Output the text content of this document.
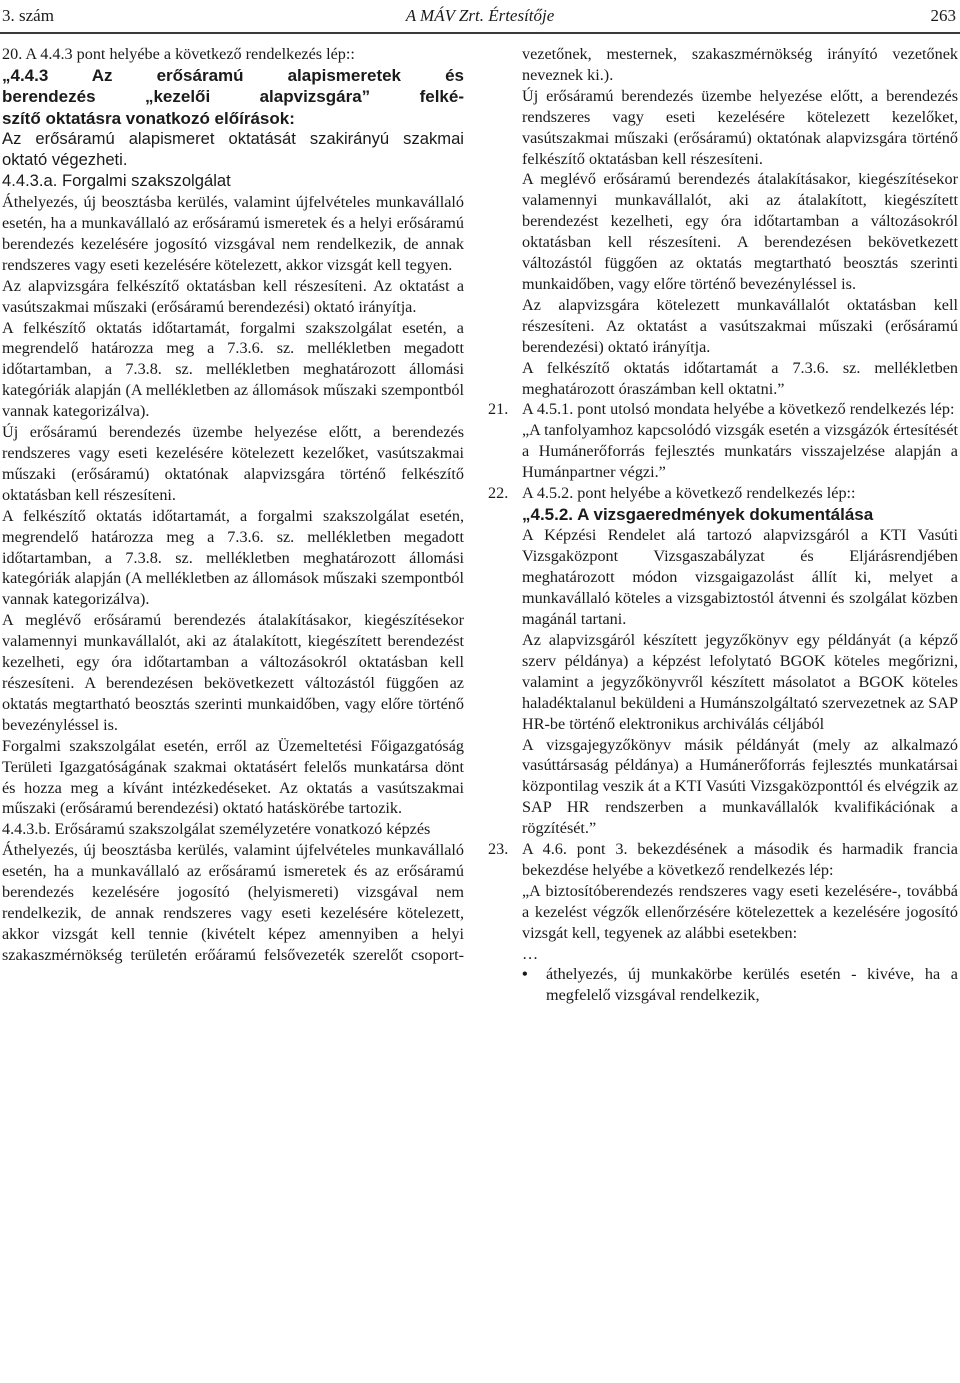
3. szám	A MÁV Zrt. Értesítője	263

20. A 4.4.3 pont helyébe a következő rendelkezés lép::

„4.4.3 Az erősáramú alapismeretek és

berendezés „kezelői alapvizsgára” felké-

szítő oktatásra vonatkozó előírások:

Az erősáramú alapismeret oktatását szakirányú szakmai oktató végezheti.

4.4.3.a. Forgalmi szakszolgálat

Áthelyezés, új beosztásba kerülés, valamint újfelvételes munkavállaló esetén, ha a munkavállaló az erősáramú ismeretek és a helyi erősáramú berendezés kezelésére jogosító vizsgával nem rendelkezik, de annak rendszeres vagy eseti kezelésére kötelezett, akkor vizsgát kell tegyen.

Az alapvizsgára felkészítő oktatásban kell részesíteni. Az oktatást a vasútszakmai műszaki (erősáramú berendezési) oktató irányítja.

A felkészítő oktatás időtartamát, forgalmi szakszolgálat esetén, a megrendelő határozza meg a 7.3.6. sz. mellékletben megadott időtartamban, a 7.3.8. sz. mellékletben meghatározott állomási kategóriák alapján (A mellékletben az állomások műszaki szempontból vannak kategorizálva).

Új erősáramú berendezés üzembe helyezése előtt, a berendezés rendszeres vagy eseti kezelésére kötelezett kezelőket, vasútszakmai műszaki (erősáramú) oktatónak alapvizsgára történő felkészítő oktatásban kell részesíteni.

A felkészítő oktatás időtartamát, a forgalmi szakszolgálat esetén, megrendelő határozza meg a 7.3.6. sz. mellékletben megadott időtartamban, a 7.3.8. sz. mellékletben meghatározott állomási kategóriák alapján (A mellékletben az állomások műszaki szempontból vannak kategorizálva).

A meglévő erősáramú berendezés átalakításakor, kiegészítésekor valamennyi munkavállalót, aki az átalakított, kiegészített berendezést kezelheti, egy óra időtartamban a változásokról oktatásban kell részesíteni. A berendezésen bekövetkezett változástól függően az oktatás megtartható beosztás szerinti munkaidőben, vagy előre történő bevezényléssel is.

Forgalmi szakszolgálat esetén, erről az Üzemeltetési Főigazgatóság Területi Igazgatóságának szakmai oktatásért felelős munkatársa dönt és hozza meg a kívánt intézkedéseket. Az oktatás a vasútszakmai műszaki (erősáramú berendezési) oktató hatáskörébe tartozik.

4.4.3.b. Erősáramú szakszolgálat személyzetére vonatkozó képzés

Áthelyezés, új beosztásba kerülés, valamint újfelvételes munkavállaló esetén, ha a munkavállaló az erősáramú ismeretek és az erősáramú berendezés kezelésére jogosító (helyismereti) vizsgával nem rendelkezik, de annak rendszeres vagy eseti kezelésére kötelezett, akkor vizsgát kell tennie (kivételt képez amennyiben a helyi szakaszmérnökség területén erőáramú felsővezeték szerelőt csoport-

vezetőnek, mesternek, szakaszmérnökség irányító vezetőnek neveznek ki.).

Új erősáramú berendezés üzembe helyezése előtt, a berendezés rendszeres vagy eseti kezelésére kötelezett kezelőket, vasútszakmai műszaki (erősáramú) oktatónak alapvizsgára történő felkészítő oktatásban kell részesíteni.

A meglévő erősáramú berendezés átalakításakor, kiegészítésekor valamennyi munkavállalót, aki az átalakított, kiegészített berendezést kezelheti, egy óra időtartamban a változásokról oktatásban kell részesíteni. A berendezésen bekövetkezett változástól függően az oktatás megtartható beosztás szerinti munkaidőben, vagy előre történő bevezényléssel is.

Az alapvizsgára kötelezett munkavállalót oktatásban kell részesíteni. Az oktatást a vasútszakmai műszaki (erősáramú berendezési) oktató irányítja.

A felkészítő oktatás időtartamát a 7.3.6. sz. mellékletben meghatározott óraszámban kell oktatni.”

21. A 4.5.1. pont utolsó mondata helyébe a következő rendelkezés lép:

„A tanfolyamhoz kapcsolódó vizsgák esetén a vizsgázók értesítését a Humánerőforrás fejlesztés munkatárs visszajelzése alapján a Humánpartner végzi.”

22. A 4.5.2. pont helyébe a következő rendelkezés lép::

„4.5.2. A vizsgaeredmények dokumentálása

A Képzési Rendelet alá tartozó alapvizsgáról a KTI Vasúti Vizsgaközpont Vizsgaszabályzat és Eljárásrendjében meghatározott módon vizsgaigazolást állít ki, melyet a munkavállaló köteles a vizsgabiztostól átvenni és szolgálat közben magánál tartani.

Az alapvizsgáról készített jegyzőkönyv egy példányát (a képző szerv példánya) a képzést lefolytató BGOK köteles megőrizni, valamint a jegyzőkönyvről készített másolatot a BGOK köteles haladéktalanul beküldeni a Humánszolgáltató szervezetnek az SAP HR-be történő elektronikus archiválás céljából

A vizsgajegyzőkönyv másik példányát (mely az alkalmazó vasúttársaság példánya) a Humánerőforrás fejlesztés munkatársai központilag veszik át a KTI Vasúti Vizsgaközponttól és elvégzik az SAP HR rendszerben a munkavállalók kvalifikációnak a rögzítését.”

23. A 4.6. pont 3. bekezdésének a második és harmadik francia bekezdése helyébe a következő rendelkezés lép:

„A biztosítóberendezés rendszeres vagy eseti kezelésére-, továbbá a kezelést végzők ellenőrzésére kötelezettek a kezelésére jogosító vizsgát kell, tegyenek az alábbi esetekben:

…

•	áthelyezés, új munkakörbe kerülés esetén - kivéve, ha a megfelelő vizsgával rendelkezik,
